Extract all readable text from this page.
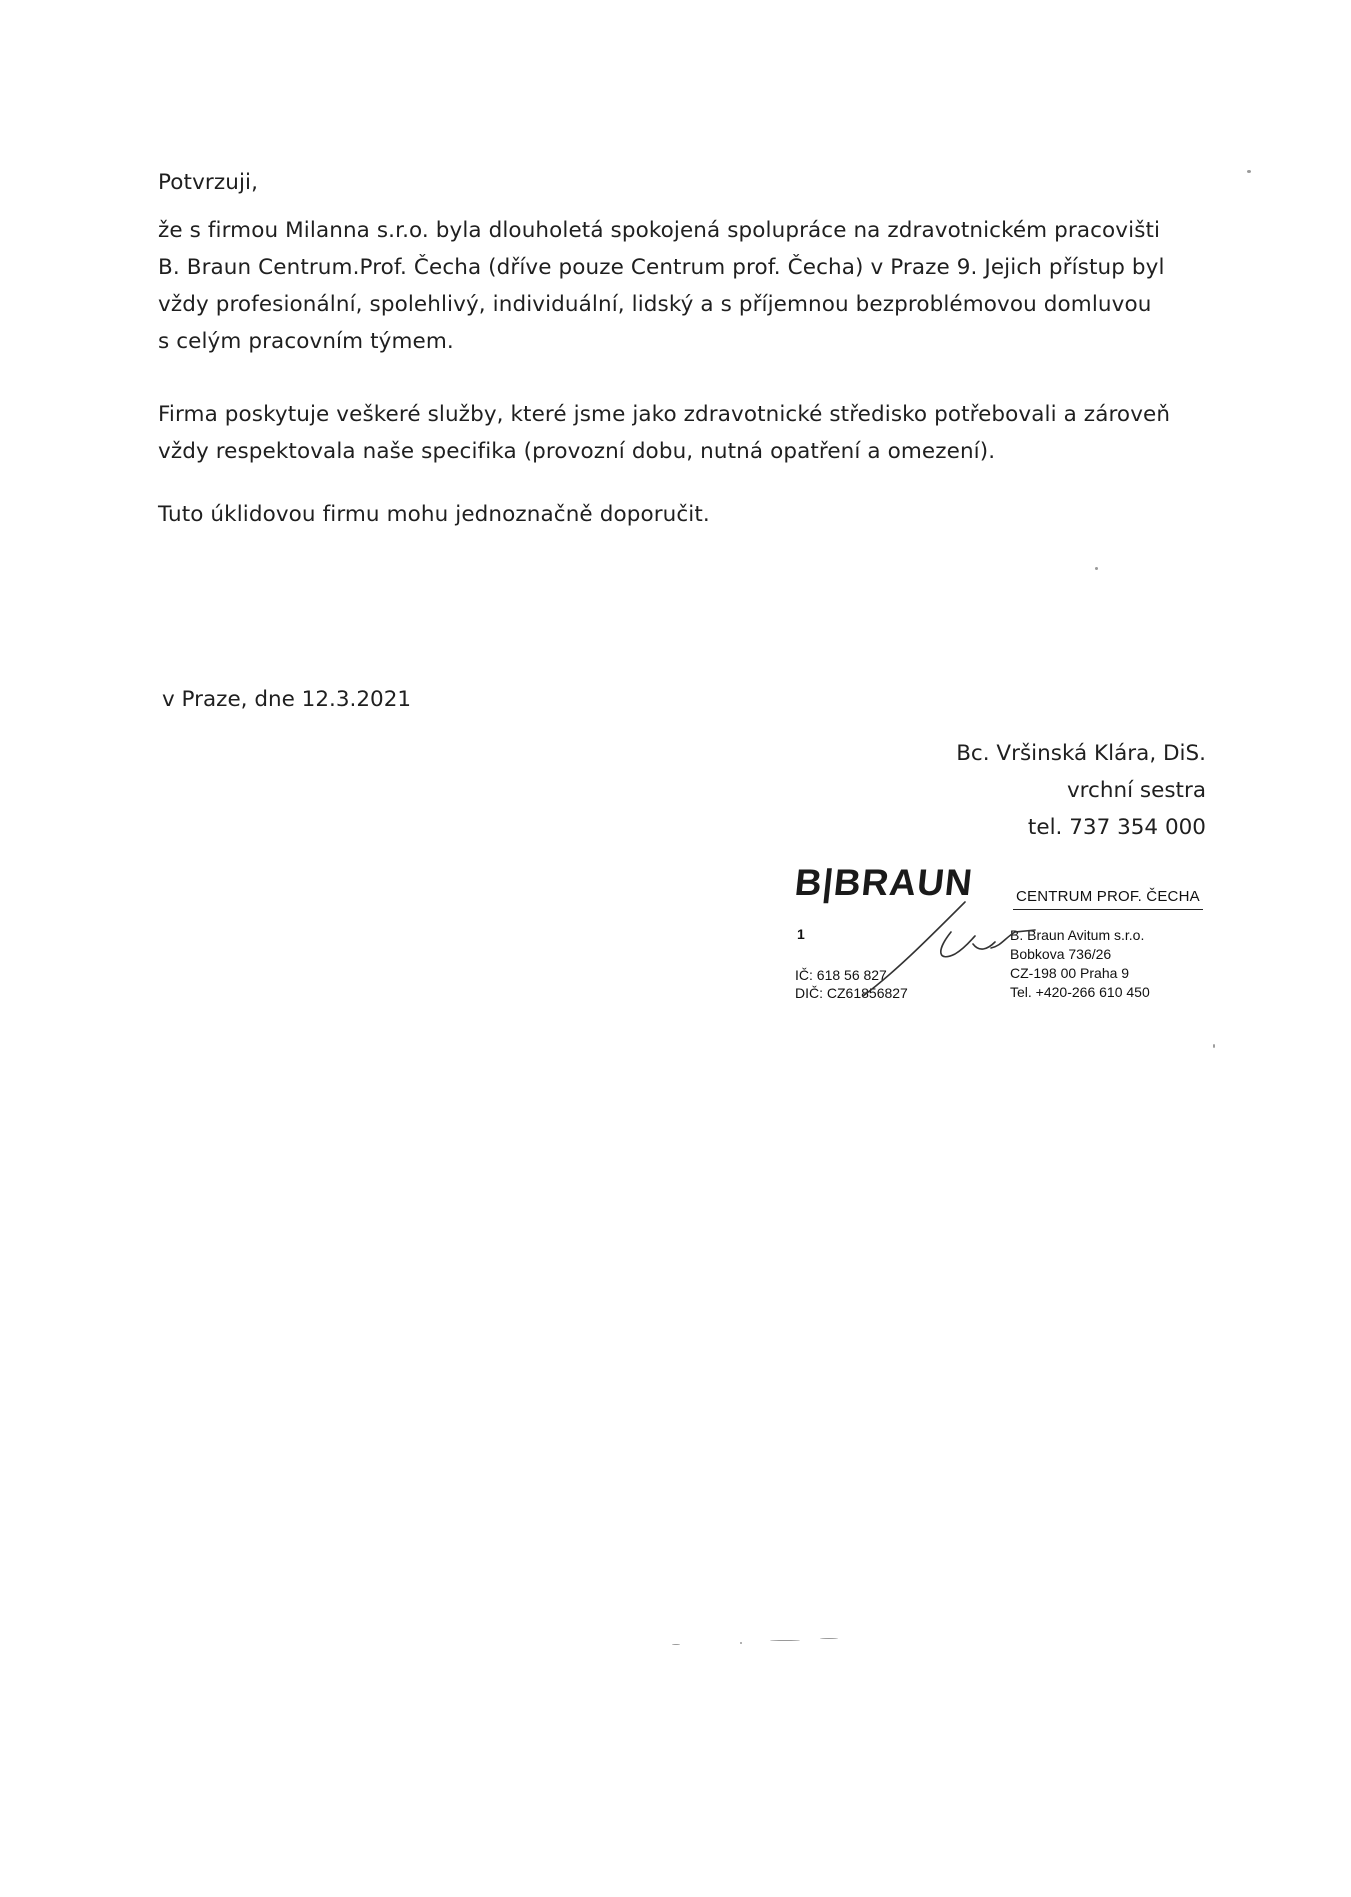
Potvrzuji,

že s firmou Milanna s.r.o. byla dlouholetá spokojená spolupráce na zdravotnickém pracovišti

B. Braun Centrum.Prof. Čecha (dříve pouze Centrum prof. Čecha) v Praze 9. Jejich přístup byl

vždy profesionální, spolehlivý, individuální, lidský a s příjemnou bezproblémovou domluvou

s celým pracovním týmem.

Firma poskytuje veškeré služby, které jsme jako zdravotnické středisko potřebovali a zároveň

vždy respektovala naše specifika (provozní dobu, nutná opatření a omezení).

Tuto úklidovou firmu mohu jednoznačně doporučit.

v Praze, dne 12.3.2021
Bc. Vršinská Klára, DiS.
vrchní sestra
tel. 737 354 000
B|BRAUN	CENTRUM PROF. ČECHA
1
IČ: 618 56 827
DIČ: CZ61856827
B. Braun Avitum s.r.o.
Bobkova 736/26
CZ-198 00 Praha 9
Tel. +420-266 610 450
